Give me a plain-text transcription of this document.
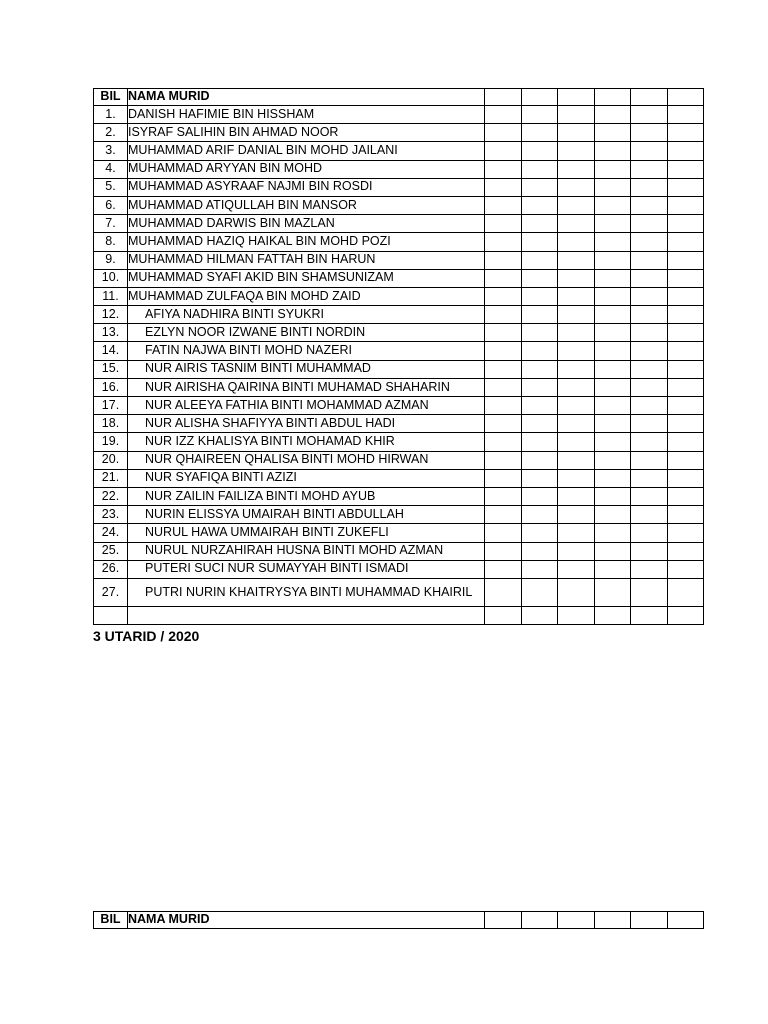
BIL	NAMA MURID						
1.	DANISH HAFIMIE BIN HISSHAM						
2.	ISYRAF SALIHIN BIN AHMAD NOOR						
3.	MUHAMMAD ARIF DANIAL BIN MOHD JAILANI						
4.	MUHAMMAD ARYYAN BIN MOHD						
5.	MUHAMMAD ASYRAAF NAJMI BIN ROSDI						
6.	MUHAMMAD ATIQULLAH BIN MANSOR						
7.	MUHAMMAD DARWIS BIN MAZLAN						
8.	MUHAMMAD HAZIQ HAIKAL BIN MOHD POZI						
9.	MUHAMMAD HILMAN FATTAH BIN HARUN						
10.	MUHAMMAD SYAFI AKID BIN SHAMSUNIZAM						
11.	MUHAMMAD ZULFAQA BIN MOHD ZAID						
12.	AFIYA NADHIRA BINTI SYUKRI						
13.	EZLYN NOOR IZWANE BINTI NORDIN						
14.	FATIN NAJWA BINTI MOHD NAZERI						
15.	NUR AIRIS TASNIM BINTI MUHAMMAD						
16.	NUR AIRISHA QAIRINA BINTI MUHAMAD SHAHARIN						
17.	NUR ALEEYA FATHIA BINTI MOHAMMAD AZMAN						
18.	NUR ALISHA SHAFIYYA BINTI ABDUL HADI						
19.	NUR IZZ KHALISYA BINTI MOHAMAD KHIR						
20.	NUR QHAIREEN QHALISA BINTI MOHD HIRWAN						
21.	NUR SYAFIQA BINTI AZIZI						
22.	NUR ZAILIN FAILIZA BINTI MOHD AYUB						
23.	NURIN ELISSYA UMAIRAH BINTI ABDULLAH						
24.	NURUL HAWA UMMAIRAH BINTI ZUKEFLI						
25.	NURUL NURZAHIRAH HUSNA BINTI MOHD AZMAN						
26.	PUTERI SUCI NUR SUMAYYAH BINTI ISMADI						
27.	PUTRI NURIN KHAITRYSYA BINTI MUHAMMAD KHAIRIL						

3 UTARID / 2020
BIL	NAMA MURID						
